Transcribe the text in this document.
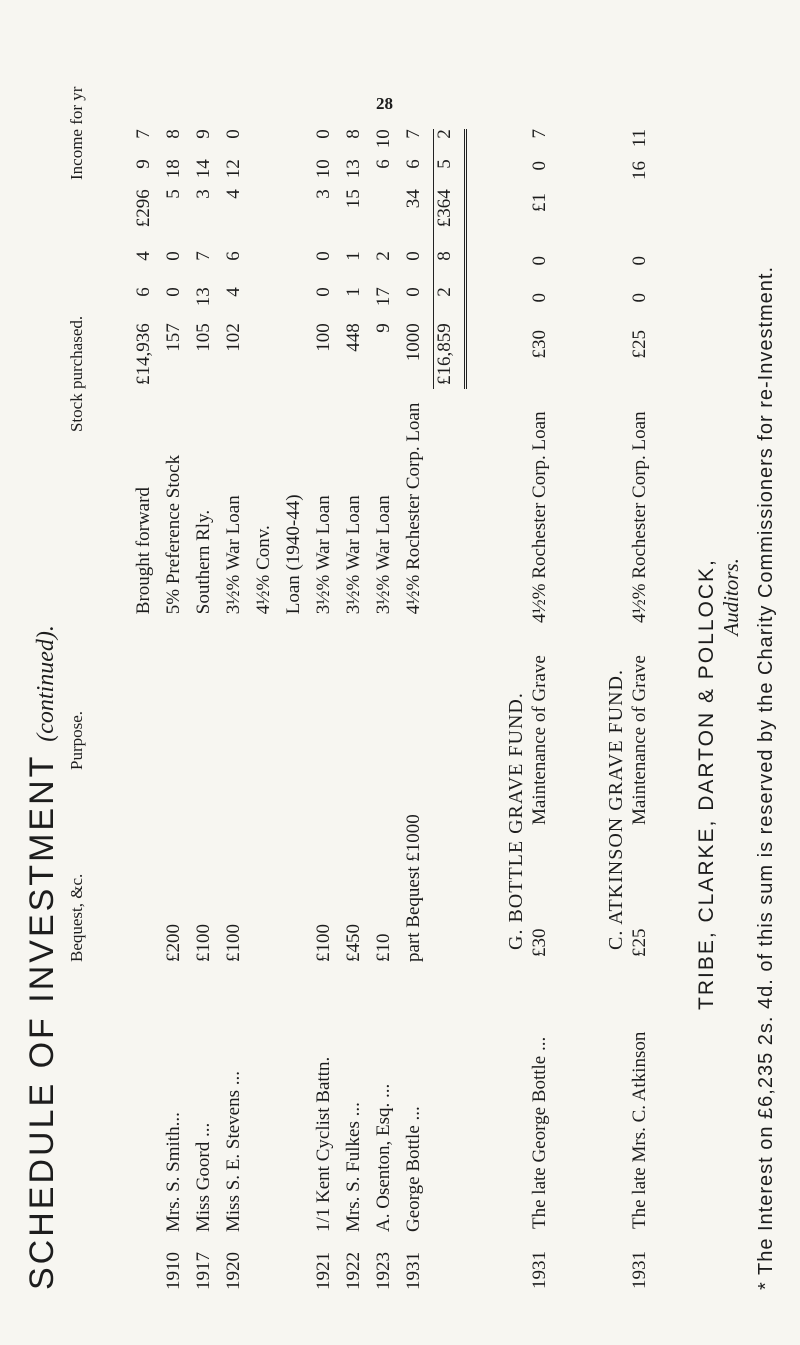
28
SCHEDULE OF INVESTMENT (continued).
Bequest, &c.
Purpose.
Stock purchased.
Income for yr
				Brought forward	£14,936	6	4	£296	9	7
1910	Mrs. S. Smith...	£200		5% Preference Stock	157	0	0	5	18	8
1917	Miss Goord ...	£100		Southern Rly.	105	13	7	3	14	9
1920	Miss S. E. Stevens ...	£100		3½% War Loan	102	4	6	4	12	0
				4½% Conv.						
				Loan (1940-44)						
1921	1/1 Kent Cyclist Battn.	£100		3½% War Loan	100	0	0	3	10	0
1922	Mrs. S. Fulkes ...	£450		3½% War Loan	448	1	1	15	13	8
1923	A. Osenton, Esq. ...	£10		3½% War Loan	9	17	2		6	10
1931	George Bottle ...	part Bequest £1000		4½% Rochester Corp. Loan	1000	0	0	34	6	7
					£16,859	2	8	£364	5	2
G. BOTTLE GRAVE FUND.
1931	The late George Bottle ...	£30	Maintenance of Grave	4½% Rochester Corp. Loan	£30	0	0	£1	0	7
C. ATKINSON GRAVE FUND.
1931	The late Mrs. C. Atkinson	£25	Maintenance of Grave	4½% Rochester Corp. Loan	£25	0	0		16	11
TRIBE, CLARKE, DARTON & POLLOCK, Auditors. * The Interest on £6,235 2s. 4d. of this sum is reserved by the Charity Commissioners for re-Investment.
